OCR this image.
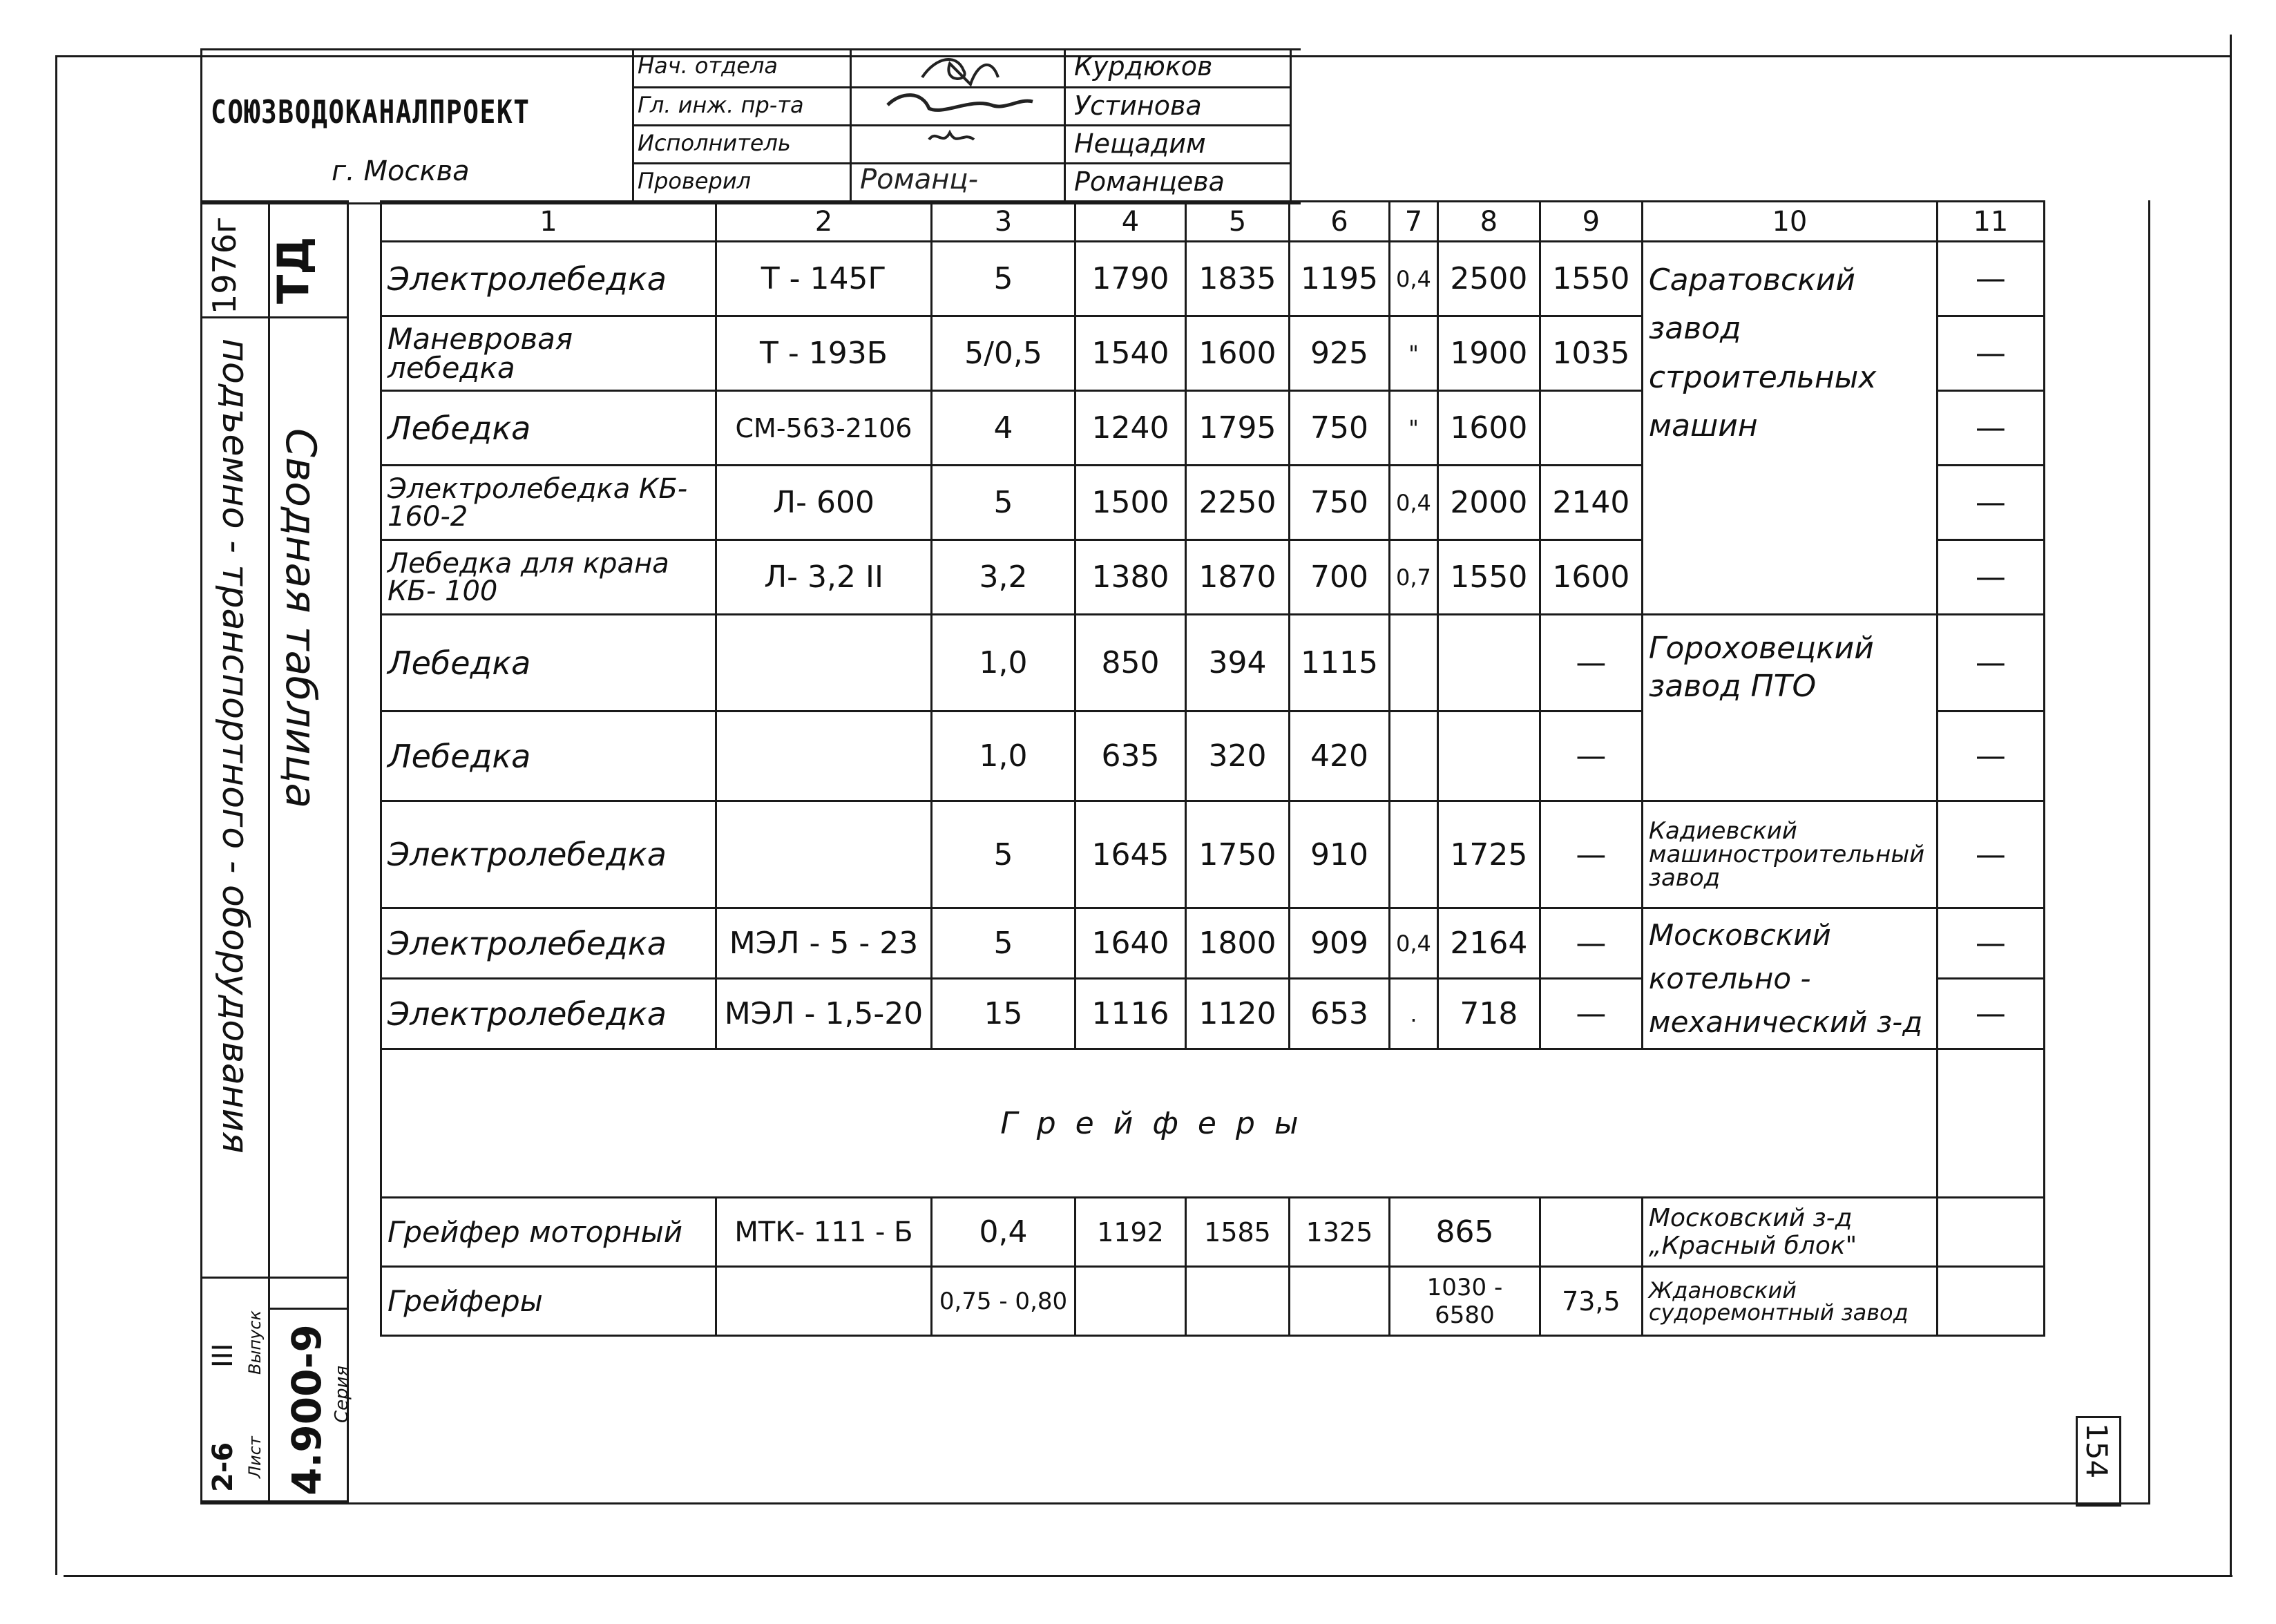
СОЮЗВОДОКАНАЛПРОЕКТ
г. Москва
Нач. отдела	Курдюков
Гл. инж. пр-та	Устинова
Исполнитель	Нещадим
Проверил	Романц-	Романцева
1976г ТД
Сводная таблица
подъемно - транспортного - оборудования
4.900-9 Серия
III Выпуск
Лист
2-6
1	2	3	4	5	6	7	8	9	10	11
Электролебедка	Т - 145Г	5	1790	1835	1195	0,4	2500	1550	Саратовский завод строительных машин	—
Маневровая лебедка	Т - 193Б	5/0,5	1540	1600	925	"	1900	1035		—
Лебедка	СМ-563-2106	4	1240	1795	750	"	1600			—
Электролебедка КБ- 160-2	Л- 600	5	1500	2250	750	0,4	2000	2140		—
Лебедка для крана КБ- 100	Л- 3,2 II	3,2	1380	1870	700	0,7	1550	1600		—
Лебедка		1,0	850	394	1115			—	Гороховецкий завод ПТО	—
Лебедка		1,0	635	320	420			—		—
Электролебедка		5	1645	1750	910		1725	—	Кадиевский машиностроительный завод	—
Электролебедка	МЭЛ - 5 - 23	5	1640	1800	909	0,4	2164	—	Московский котельно - механический з-д	—
Электролебедка	МЭЛ - 1,5-20	15	1116	1120	653	.	718	—		—
Грейферы										
Грейфер моторный	МТК- 111 - Б	0,4	1192	1585	1325	865			Московский з-д „Красный блок"	
Грейферы		0,75 - 0,80				1030 - 6580		73,5	Ждановский судоремонтный завод	
154
